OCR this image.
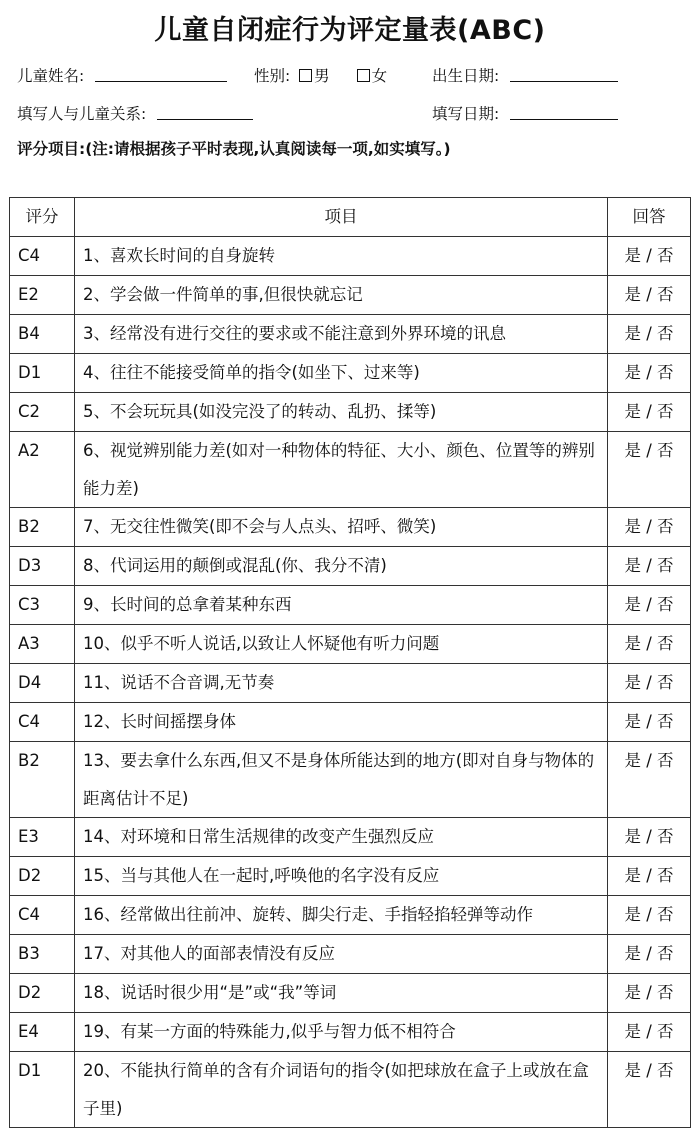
儿童自闭症行为评定量表(ABC)
儿童姓名:	性别: 男	女	出生日期:
填写人与儿童关系:	填写日期:
评分项目:(注:请根据孩子平时表现,认真阅读每一项,如实填写。)
评分	项目	回答
C4	1、喜欢长时间的自身旋转	是 / 否
E2	2、学会做一件简单的事,但很快就忘记	是 / 否
B4	3、经常没有进行交往的要求或不能注意到外界环境的讯息	是 / 否
D1	4、往往不能接受简单的指令(如坐下、过来等)	是 / 否
C2	5、不会玩玩具(如没完没了的转动、乱扔、揉等)	是 / 否
A2	6、视觉辨别能力差(如对一种物体的特征、大小、颜色、位置等的辨别能力差)	是 / 否
B2	7、无交往性微笑(即不会与人点头、招呼、微笑)	是 / 否
D3	8、代词运用的颠倒或混乱(你、我分不清)	是 / 否
C3	9、长时间的总拿着某种东西	是 / 否
A3	10、似乎不听人说话,以致让人怀疑他有听力问题	是 / 否
D4	11、说话不合音调,无节奏	是 / 否
C4	12、长时间摇摆身体	是 / 否
B2	13、要去拿什么东西,但又不是身体所能达到的地方(即对自身与物体的距离估计不足)	是 / 否
E3	14、对环境和日常生活规律的改变产生强烈反应	是 / 否
D2	15、当与其他人在一起时,呼唤他的名字没有反应	是 / 否
C4	16、经常做出往前冲、旋转、脚尖行走、手指轻掐轻弹等动作	是 / 否
B3	17、对其他人的面部表情没有反应	是 / 否
D2	18、说话时很少用“是”或“我”等词	是 / 否
E4	19、有某一方面的特殊能力,似乎与智力低不相符合	是 / 否
D1	20、不能执行简单的含有介词语句的指令(如把球放在盒子上或放在盒子里)	是 / 否
